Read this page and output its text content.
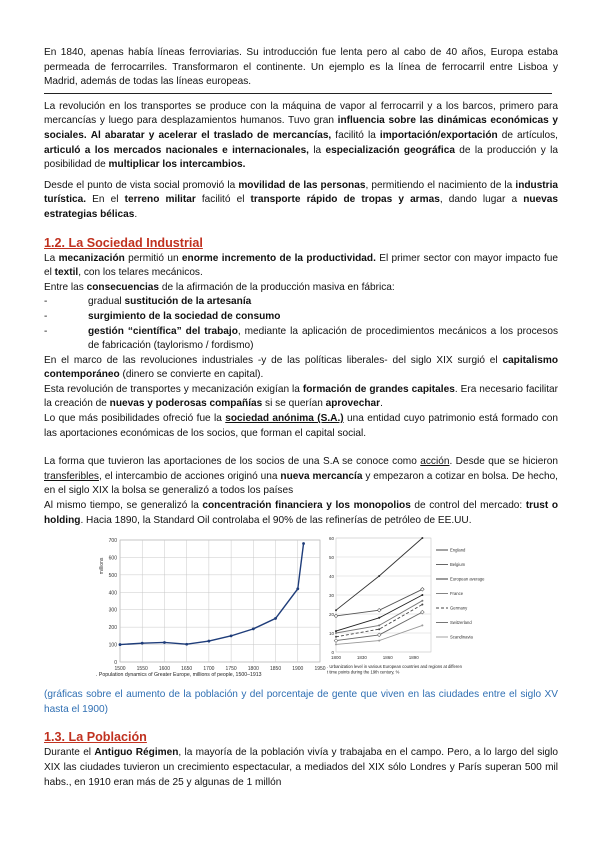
En 1840, apenas había líneas ferroviarias. Su introducción fue lenta pero al cabo de 40 años, Europa estaba permeada de ferrocarriles. Transformaron el continente. Un ejemplo es la línea de ferrocarril entre Lisboa y Madrid, además de todas las líneas europeas.

La revolución en los transportes se produce con la máquina de vapor al ferrocarril y a los barcos, primero para mercancías y luego para desplazamientos humanos. Tuvo gran influencia sobre las dinámicas económicas y sociales. Al abaratar y acelerar el traslado de mercancías, facilitó la importación/exportación de artículos, articuló a los mercados nacionales e internacionales, la especialización geográfica de la producción y la posibilidad de multiplicar los intercambios.

Desde el punto de vista social promovió la movilidad de las personas, permitiendo el nacimiento de la industria turística. En el terreno militar facilitó el transporte rápido de tropas y armas, dando lugar a nuevas estrategias bélicas.

1.2. La Sociedad Industrial

La mecanización permitió un enorme incremento de la productividad. El primer sector con mayor impacto fue el textil, con los telares mecánicos.

Entre las consecuencias de la afirmación de la producción masiva en fábrica:

-	gradual sustitución de la artesanía
-	surgimiento de la sociedad de consumo
-	gestión “científica” del trabajo, mediante la aplicación de procedimientos mecánicos a los procesos de fabricación (taylorismo / fordismo)

En el marco de las revoluciones industriales -y de las políticas liberales- del siglo XIX surgió el capitalismo contemporáneo (dinero se convierte en capital).

Esta revolución de transportes y mecanización exigían la formación de grandes capitales. Era necesario facilitar la creación de nuevas y poderosas compañías si se querían aprovechar.

Lo que más posibilidades ofreció fue la sociedad anónima (S.A.) una entidad cuyo patrimonio está formado con las aportaciones económicas de los socios, que forman el capital social.

La forma que tuvieron las aportaciones de los socios de una S.A se conoce como acción. Desde que se hicieron transferibles, el intercambio de acciones originó una nueva mercancía y empezaron a cotizar en bolsa. De hecho, en el siglo XIX la bolsa se generalizó a todos los países

Al mismo tiempo, se generalizó la concentración financiera y los monopolios de control del mercado: trust o holding. Hacia 1890, la Standard Oil controlaba el 90% de las refinerías de petróleo de EE.UU.

0
100
200
300
400
500
600
700
1500 1550 1600 1650 1700 1750 1800 1850 1900 1950
millions
. Population dynamics of Greater Europe, millions of people, 1500–1913
0
10
20
30
40
50
60
1800	1830	1860	1890
England
Belgium
European average
France
Germany
Switzerland
Scandinavia
. Urbanization level in various European countries and regions at differen
t time points during the 19th century, %

(gráficas sobre el aumento de la población y del porcentaje de gente que viven en las ciudades entre el siglo XV hasta el 1900)

1.3. La Población

Durante el Antiguo Régimen, la mayoría de la población vivía y trabajaba en el campo. Pero, a lo largo del siglo XIX las ciudades tuvieron un crecimiento espectacular, a mediados del XIX sólo Londres y París superan 500 mil habs., en 1910 eran más de 25 y algunas de 1 millón
